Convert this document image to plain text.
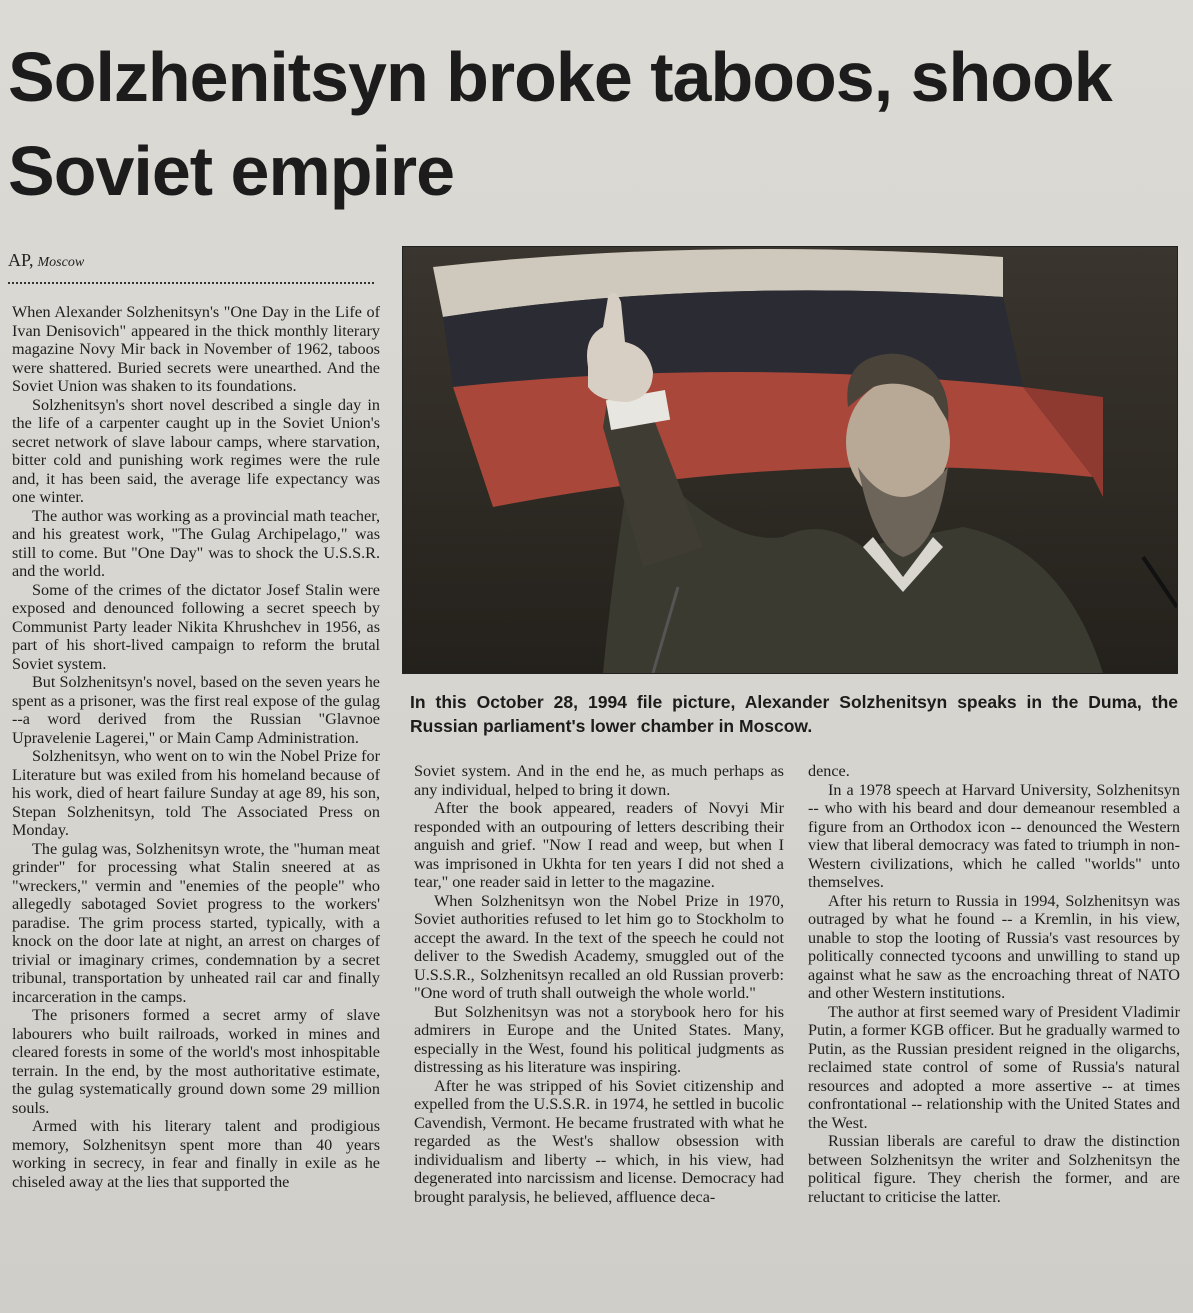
Solzhenitsyn broke taboos, shook Soviet empire
AP, Moscow

When Alexander Solzhenitsyn's "One Day in the Life of Ivan Denisovich" appeared in the thick monthly literary magazine Novy Mir back in November of 1962, taboos were shattered. Buried secrets were unearthed. And the Soviet Union was shaken to its foundations.

Solzhenitsyn's short novel described a single day in the life of a carpenter caught up in the Soviet Union's secret network of slave labour camps, where starvation, bitter cold and punishing work regimes were the rule and, it has been said, the average life expectancy was one winter.

The author was working as a provincial math teacher, and his greatest work, "The Gulag Archipelago," was still to come. But "One Day" was to shock the U.S.S.R. and the world.

Some of the crimes of the dictator Josef Stalin were exposed and denounced following a secret speech by Communist Party leader Nikita Khrushchev in 1956, as part of his short-lived campaign to reform the brutal Soviet system.

But Solzhenitsyn's novel, based on the seven years he spent as a prisoner, was the first real expose of the gulag --a word derived from the Russian "Glavnoe Upravelenie Lagerei," or Main Camp Administration.

Solzhenitsyn, who went on to win the Nobel Prize for Literature but was exiled from his homeland because of his work, died of heart failure Sunday at age 89, his son, Stepan Solzhenitsyn, told The Associated Press on Monday.

The gulag was, Solzhenitsyn wrote, the "human meat grinder" for processing what Stalin sneered at as "wreckers," vermin and "enemies of the people" who allegedly sabotaged Soviet progress to the workers' paradise. The grim process started, typically, with a knock on the door late at night, an arrest on charges of trivial or imaginary crimes, condemnation by a secret tribunal, transportation by unheated rail car and finally incarceration in the camps.

The prisoners formed a secret army of slave labourers who built railroads, worked in mines and cleared forests in some of the world's most inhospitable terrain. In the end, by the most authoritative estimate, the gulag systematically ground down some 29 million souls.

Armed with his literary talent and prodigious memory, Solzhenitsyn spent more than 40 years working in secrecy, in fear and finally in exile as he chiseled away at the lies that supported the

In this October 28, 1994 file picture, Alexander Solzhenitsyn speaks in the Duma, the Russian parliament's lower chamber in Moscow.

Soviet system. And in the end he, as much perhaps as any individual, helped to bring it down.

After the book appeared, readers of Novyi Mir responded with an outpouring of letters describing their anguish and grief. "Now I read and weep, but when I was imprisoned in Ukhta for ten years I did not shed a tear," one reader said in letter to the magazine.

When Solzhenitsyn won the Nobel Prize in 1970, Soviet authorities refused to let him go to Stockholm to accept the award. In the text of the speech he could not deliver to the Swedish Academy, smuggled out of the U.S.S.R., Solzhenitsyn recalled an old Russian proverb: "One word of truth shall outweigh the whole world."

But Solzhenitsyn was not a storybook hero for his admirers in Europe and the United States. Many, especially in the West, found his political judgments as distressing as his literature was inspiring.

After he was stripped of his Soviet citizenship and expelled from the U.S.S.R. in 1974, he settled in bucolic Cavendish, Vermont. He became frustrated with what he regarded as the West's shallow obsession with individualism and liberty -- which, in his view, had degenerated into narcissism and license. Democracy had brought paralysis, he believed, affluence deca-

dence.

In a 1978 speech at Harvard University, Solzhenitsyn -- who with his beard and dour demeanour resembled a figure from an Orthodox icon -- denounced the Western view that liberal democracy was fated to triumph in non-Western civilizations, which he called "worlds" unto themselves.

After his return to Russia in 1994, Solzhenitsyn was outraged by what he found -- a Kremlin, in his view, unable to stop the looting of Russia's vast resources by politically connected tycoons and unwilling to stand up against what he saw as the encroaching threat of NATO and other Western institutions.

The author at first seemed wary of President Vladimir Putin, a former KGB officer. But he gradually warmed to Putin, as the Russian president reigned in the oligarchs, reclaimed state control of some of Russia's natural resources and adopted a more assertive -- at times confrontational -- relationship with the United States and the West.

Russian liberals are careful to draw the distinction between Solzhenitsyn the writer and Solzhenitsyn the political figure. They cherish the former, and are reluctant to criticise the latter.
